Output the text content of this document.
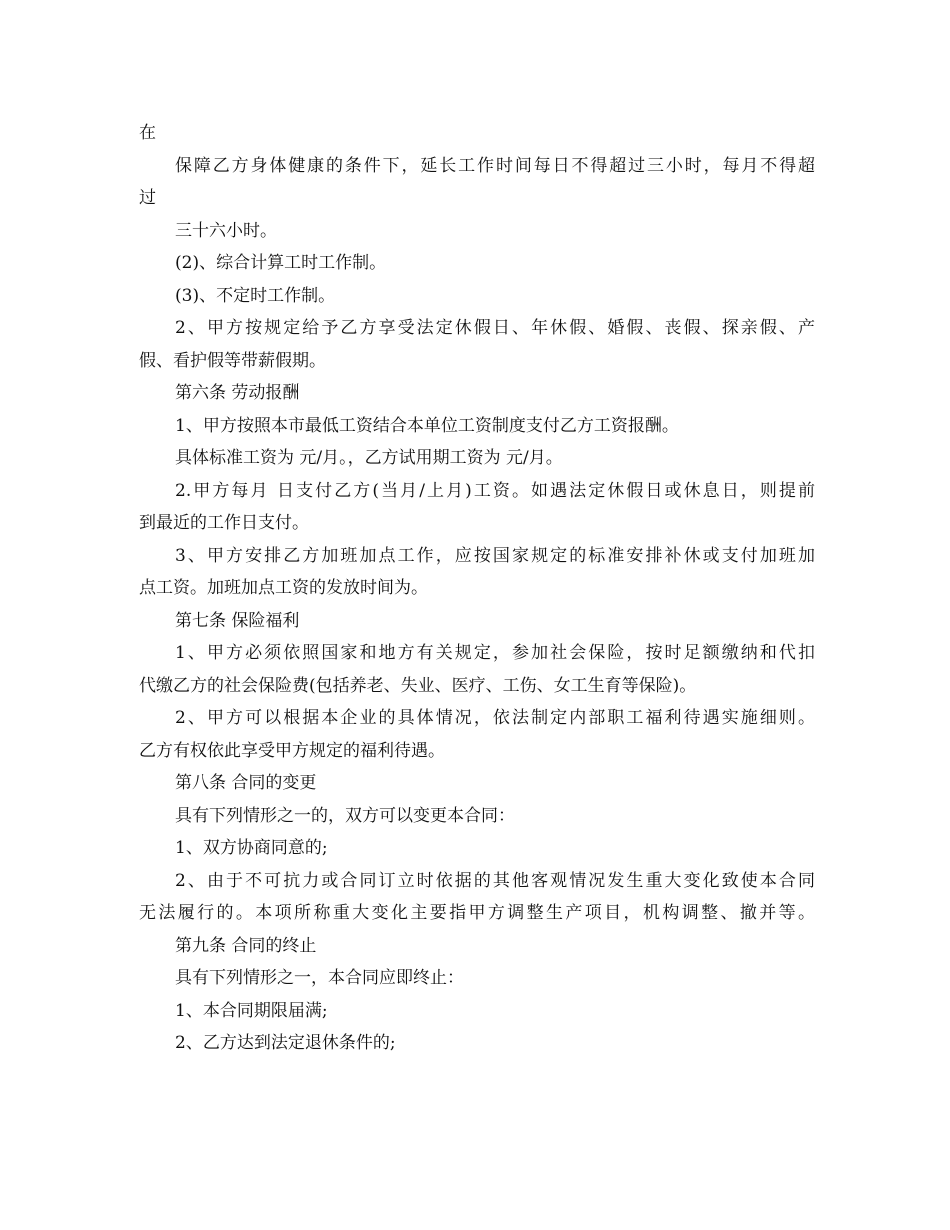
在
保障乙方身体健康的条件下，延长工作时间每日不得超过三小时，每月不得超
过
三十六小时。
(2)、综合计算工时工作制。
(3)、不定时工作制。
2、甲方按规定给予乙方享受法定休假日、年休假、婚假、丧假、探亲假、产
假、看护假等带薪假期。
第六条 劳动报酬
1、甲方按照本市最低工资结合本单位工资制度支付乙方工资报酬。
具体标准工资为 元/月。，乙方试用期工资为 元/月。
2.甲方每月 日支付乙方(当月/上月)工资。如遇法定休假日或休息日，则提前
到最近的工作日支付。
3、甲方安排乙方加班加点工作，应按国家规定的标准安排补休或支付加班加
点工资。加班加点工资的发放时间为。
第七条 保险福利
1、甲方必须依照国家和地方有关规定，参加社会保险，按时足额缴纳和代扣
代缴乙方的社会保险费(包括养老、失业、医疗、工伤、女工生育等保险)。
2、甲方可以根据本企业的具体情况，依法制定内部职工福利待遇实施细则。
乙方有权依此享受甲方规定的福利待遇。
第八条 合同的变更
具有下列情形之一的，双方可以变更本合同：
1、双方协商同意的;
2、由于不可抗力或合同订立时依据的其他客观情况发生重大变化致使本合同
无法履行的。本项所称重大变化主要指甲方调整生产项目，机构调整、撤并等。
第九条 合同的终止
具有下列情形之一，本合同应即终止：
1、本合同期限届满;
2、乙方达到法定退休条件的;
